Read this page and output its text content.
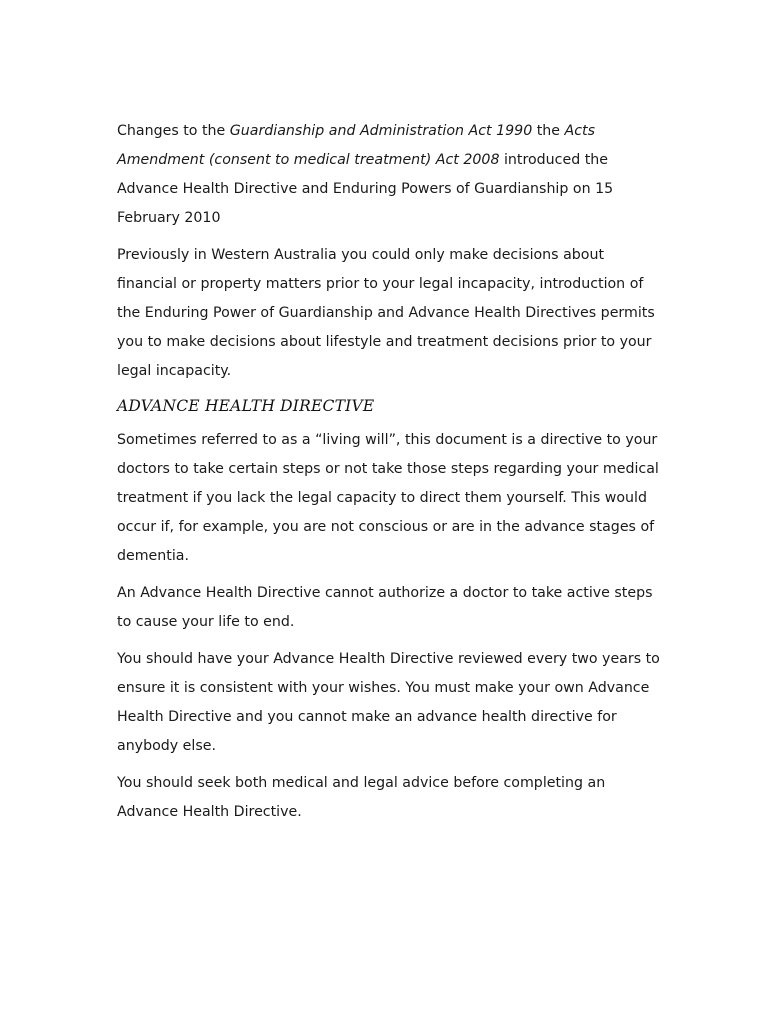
Changes to the Guardianship and Administration Act 1990 the Acts Amendment (consent to medical treatment) Act 2008 introduced the Advance Health Directive and Enduring Powers of Guardianship on 15 February 2010

Previously in Western Australia you could only make decisions about financial or property matters prior to your legal incapacity, introduction of the Enduring Power of Guardianship and Advance Health Directives permits you to make decisions about lifestyle and treatment decisions prior to your legal incapacity.

ADVANCE HEALTH DIRECTIVE

Sometimes referred to as a “living will”, this document is a directive to your doctors to take certain steps or not take those steps regarding your medical treatment if you lack the legal capacity to direct them yourself. This would occur if, for example, you are not conscious or are in the advance stages of dementia.

An Advance Health Directive cannot authorize a doctor to take active steps to cause your life to end.

You should have your Advance Health Directive reviewed every two years to ensure it is consistent with your wishes. You must make your own Advance Health Directive and you cannot make an advance health directive for anybody else.

You should seek both medical and legal advice before completing an Advance Health Directive.
